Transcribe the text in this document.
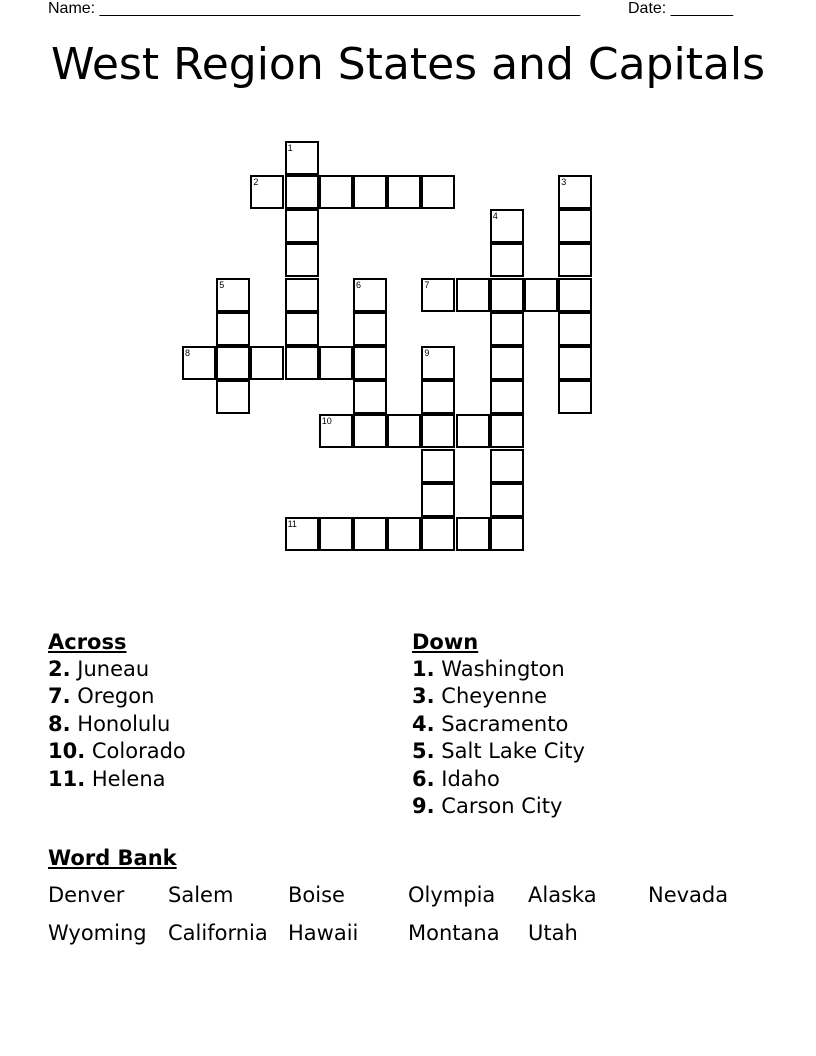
Name: ______________________________________________________	Date: _______
West Region States and Capitals
1
2	3
4
5	6	7
8	9
10
11
Across
2. Juneau
7. Oregon
8. Honolulu
10. Colorado
11. Helena
Down
1. Washington
3. Cheyenne
4. Sacramento
5. Salt Lake City
6. Idaho
9. Carson City
Word Bank
Denver Salem	Boise	Olympia Alaska Nevada
Wyoming California Hawaii Montana Utah
